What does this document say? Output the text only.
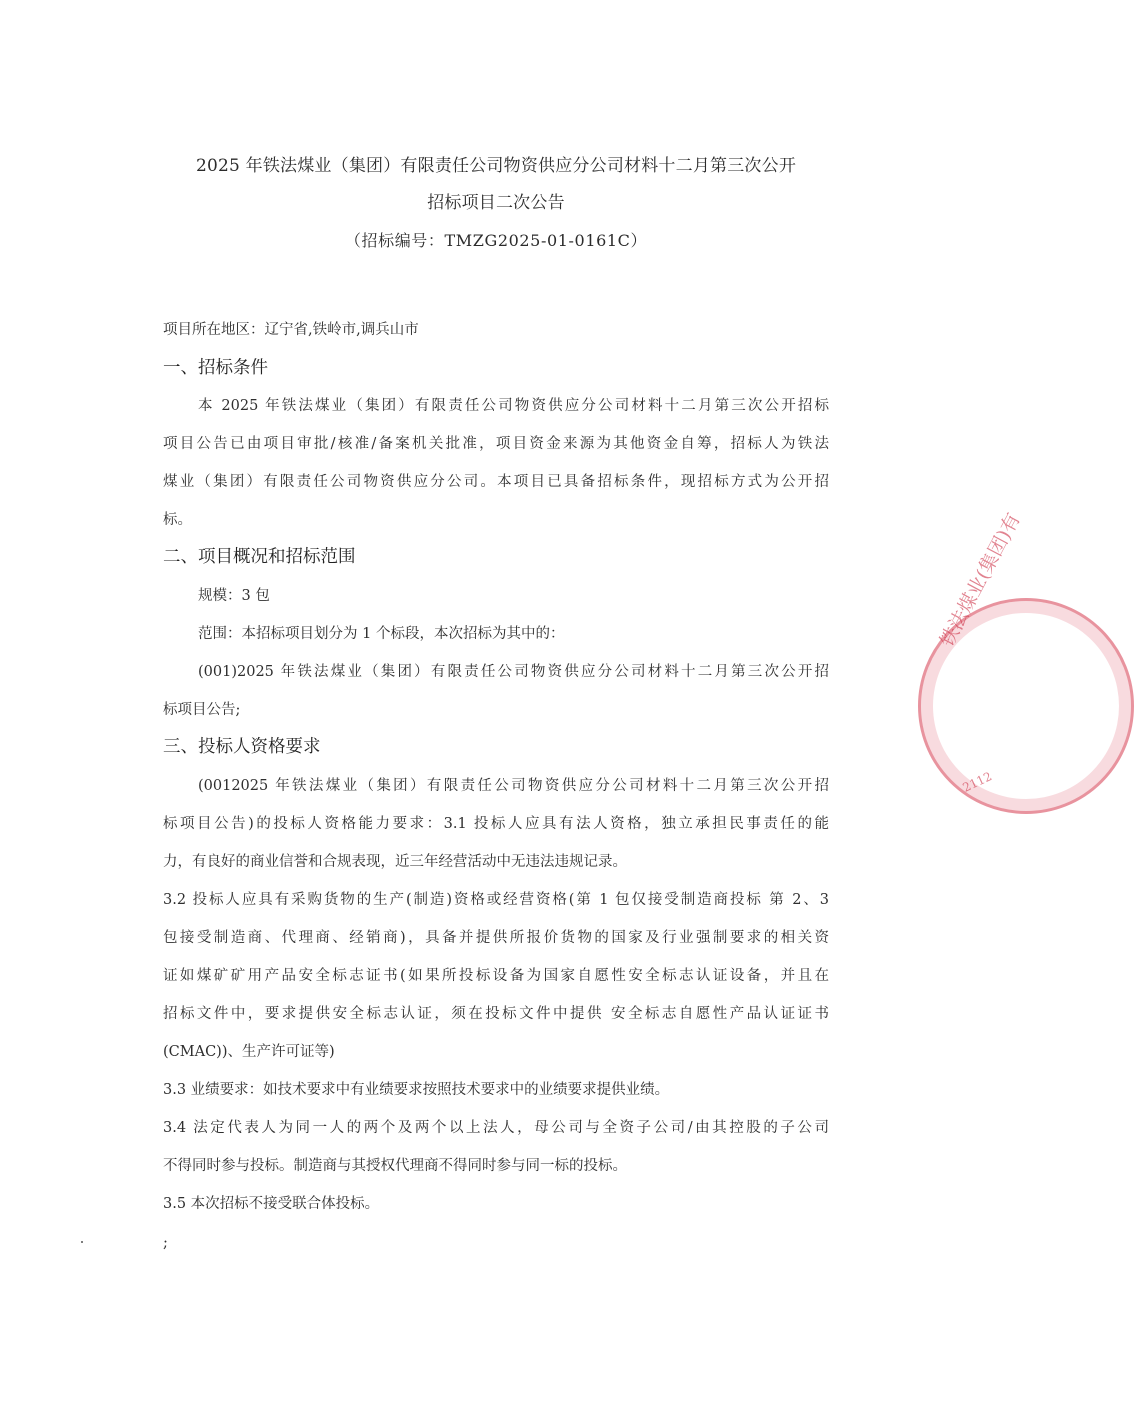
2025 年铁法煤业（集团）有限责任公司物资供应分公司材料十二月第三次公开
招标项目二次公告
（招标编号：TMZG2025-01-0161C）
项目所在地区：辽宁省,铁岭市,调兵山市
一、招标条件
本 2025 年铁法煤业（集团）有限责任公司物资供应分公司材料十二月第三次公开招标
项目公告已由项目审批/核准/备案机关批准，项目资金来源为其他资金自筹，招标人为铁法
煤业（集团）有限责任公司物资供应分公司。本项目已具备招标条件，现招标方式为公开招
标。
二、项目概况和招标范围
规模：3 包
范围：本招标项目划分为 1 个标段，本次招标为其中的：
(001)2025 年铁法煤业（集团）有限责任公司物资供应分公司材料十二月第三次公开招
标项目公告;
三、投标人资格要求
(0012025 年铁法煤业（集团）有限责任公司物资供应分公司材料十二月第三次公开招
标项目公告)的投标人资格能力要求：3.1 投标人应具有法人资格，独立承担民事责任的能
力，有良好的商业信誉和合规表现，近三年经营活动中无违法违规记录。
3.2 投标人应具有采购货物的生产(制造)资格或经营资格(第 1 包仅接受制造商投标 第 2、3
包接受制造商、代理商、经销商)，具备并提供所报价货物的国家及行业强制要求的相关资
证如煤矿矿用产品安全标志证书(如果所投标设备为国家自愿性安全标志认证设备，并且在
招标文件中，要求提供安全标志认证，须在投标文件中提供 安全标志自愿性产品认证证书
(CMAC))、生产许可证等)
3.3 业绩要求：如技术要求中有业绩要求按照技术要求中的业绩要求提供业绩。
3.4 法定代表人为同一人的两个及两个以上法人，母公司与全资子公司/由其控股的子公司
不得同时参与投标。制造商与其授权代理商不得同时参与同一标的投标。
3.5 本次招标不接受联合体投标。
;
铁法煤业(集团)有
2112
